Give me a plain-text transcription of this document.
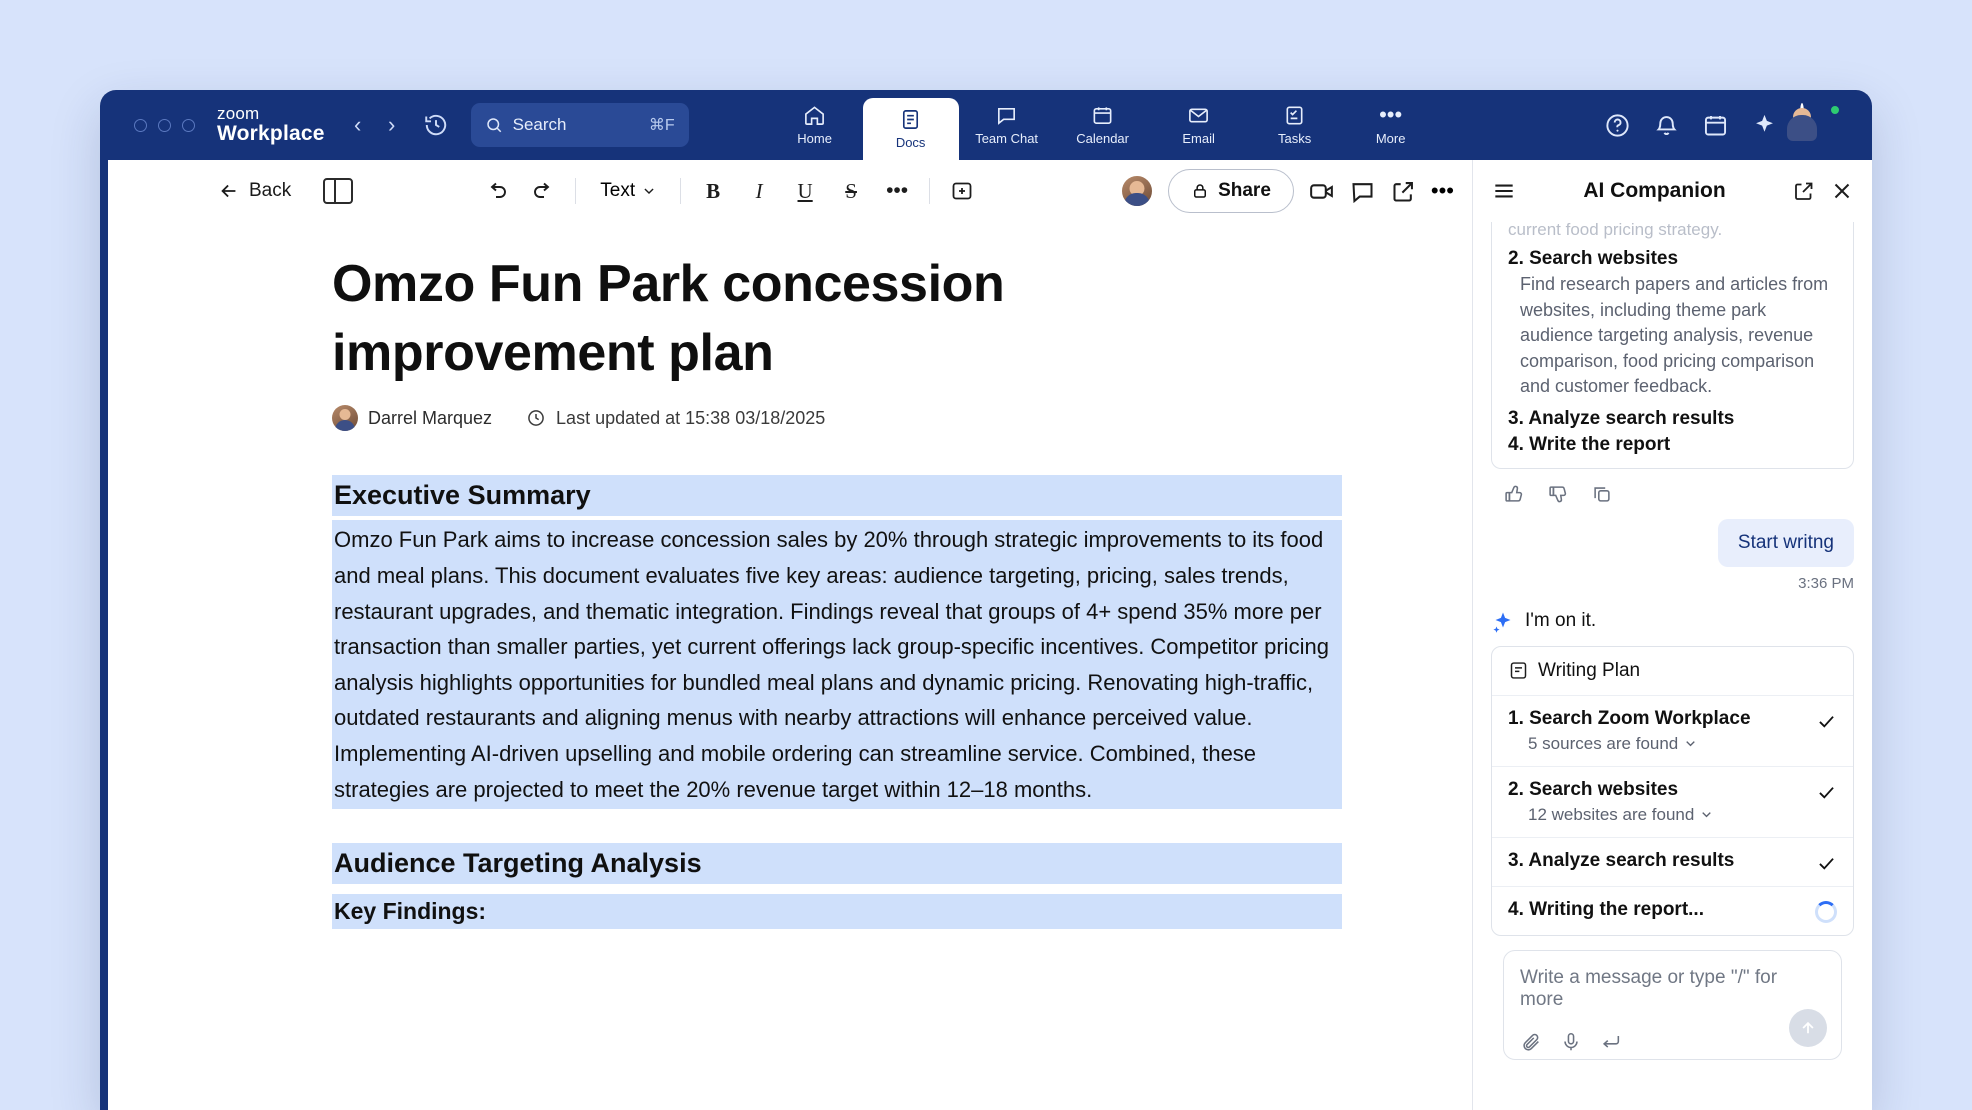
zoom
Workplace	‹	›	Search	⌘F
Home	Docs	Team Chat	Calendar	Email	Tasks
•••
More
Back	Text	B	I	U	S	•••	Share	•••
Omzo Fun Park concession improvement plan
Darrel Marquez	Last updated at 15:38 03/18/2025
Executive Summary

Omzo Fun Park aims to increase concession sales by 20% through strategic improvements to its food and meal plans. This document evaluates five key areas: audience targeting, pricing, sales trends, restaurant upgrades, and thematic integration. Findings reveal that groups of 4+ spend 35% more per transaction than smaller parties, yet current offerings lack group-specific incentives. Competitor pricing analysis highlights opportunities for bundled meal plans and dynamic pricing. Renovating high-traffic, outdated restaurants and aligning menus with nearby attractions will enhance perceived value. Implementing AI-driven upselling and mobile ordering can streamline service. Combined, these strategies are projected to meet the 20% revenue target within 12–18 months.

Audience Targeting Analysis
Key Findings:
AI Companion
current food pricing strategy.
2. Search websites
Find research papers and articles from websites, including theme park audience targeting analysis, revenue comparison, food pricing comparison and customer feedback.
3. Analyze search results
4. Write the report
Start writng
3:36 PM
I'm on it.
Writing Plan
1. Search Zoom Workplace
5 sources are found
2. Search websites
12 websites are found
3. Analyze search results
4. Writing the report...
Write a message or type "/" for more
